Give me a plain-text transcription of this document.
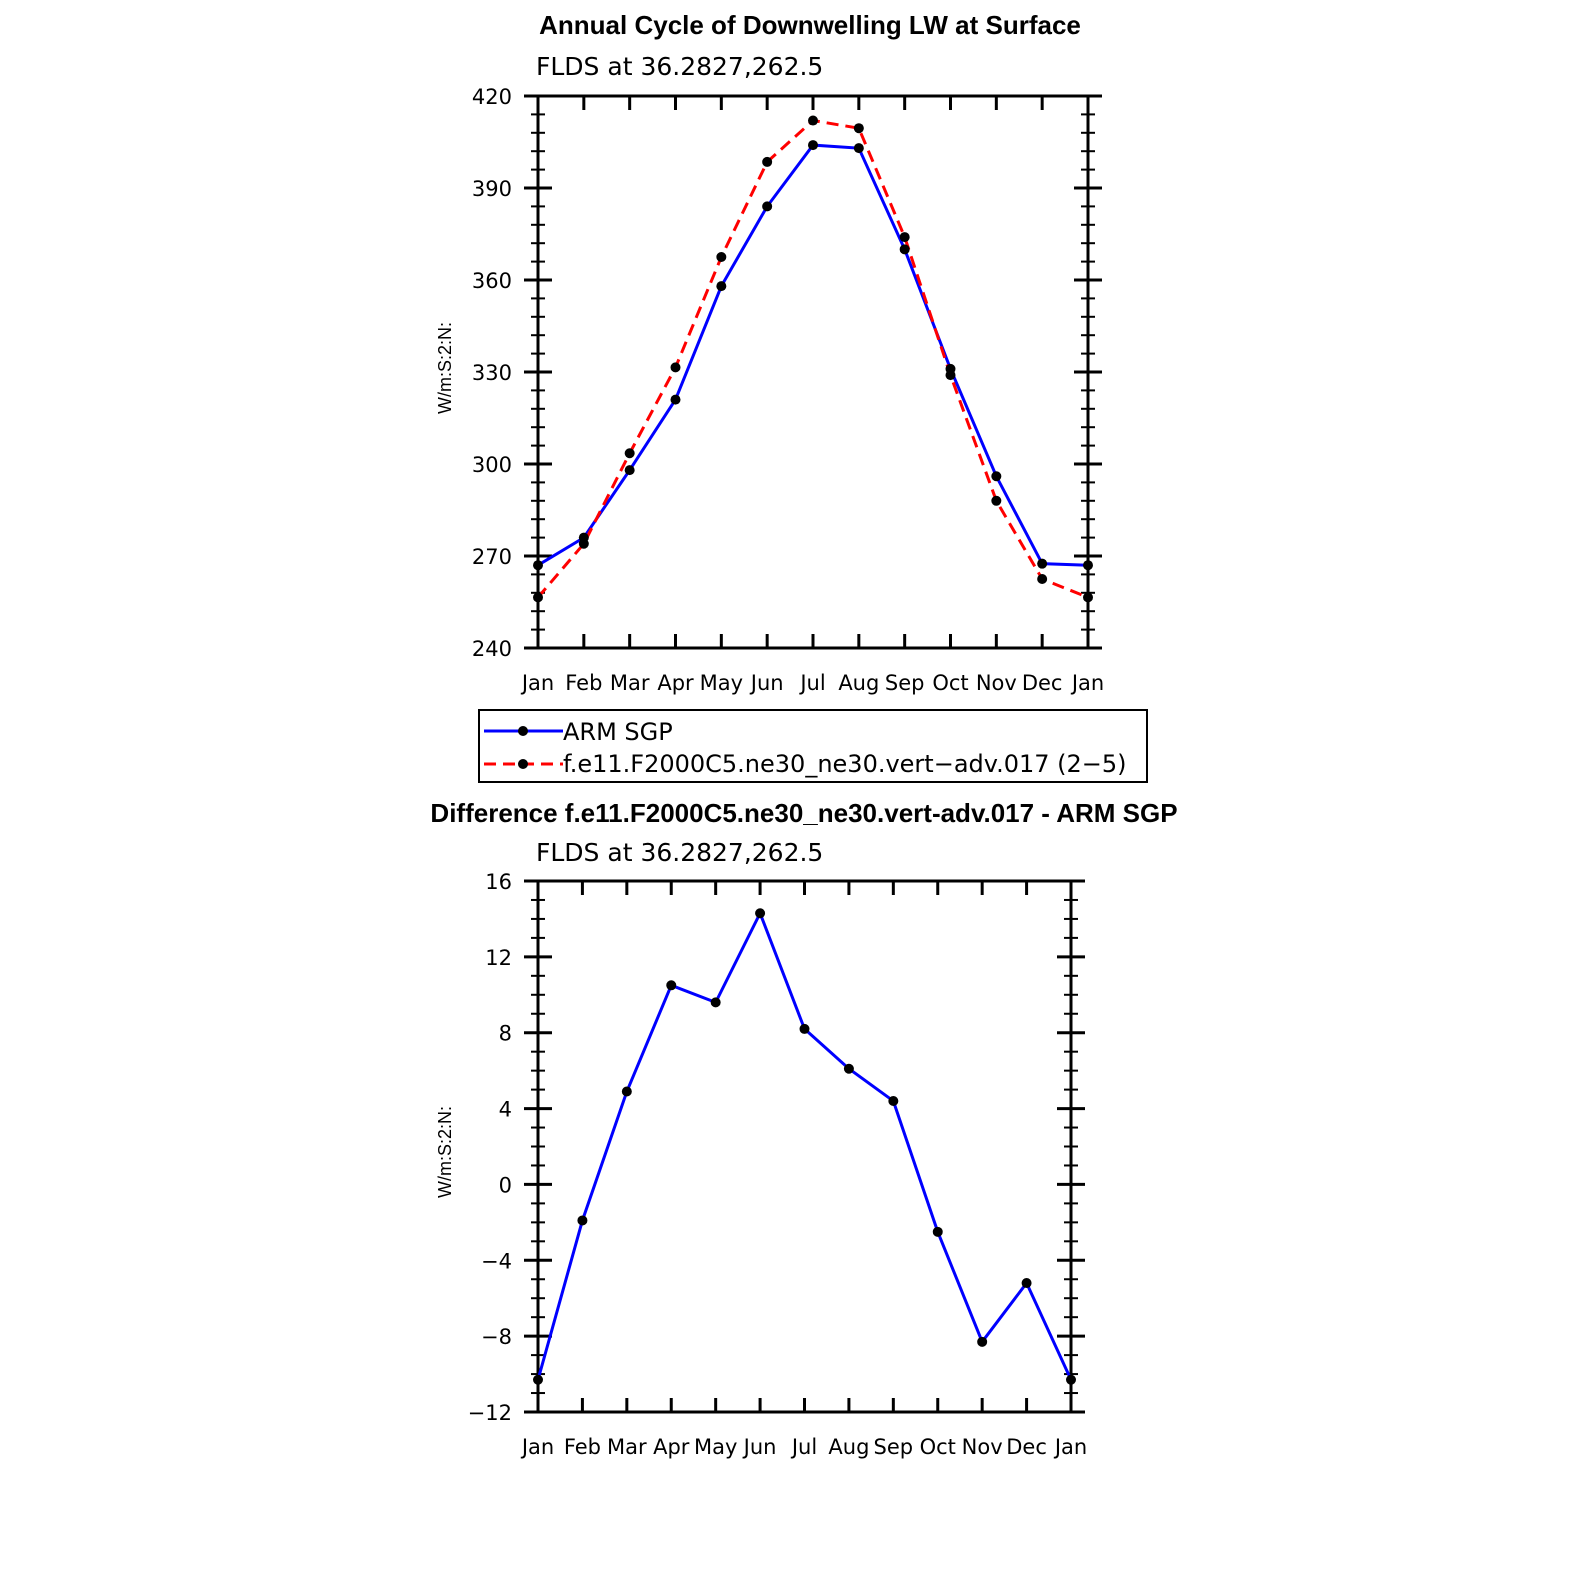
Annual Cycle of Downwelling LW at Surface
FLDS at 36.2827,262.5
W/m:S:2:N:
Jan Feb Mar Apr May Jun Jul Aug Sep Oct Nov Dec Jan
240
270
300
330
360
390
420
ARM SGP
f.e11.F2000C5.ne30_ne30.vert−adv.017 (2−5)
Difference f.e11.F2000C5.ne30_ne30.vert-adv.017 - ARM SGP
FLDS at 36.2827,262.5
W/m:S:2:N:
Jan Feb Mar Apr May Jun Jul Aug Sep Oct Nov Dec Jan
−12
−8
−4
0
4
8
12
16
